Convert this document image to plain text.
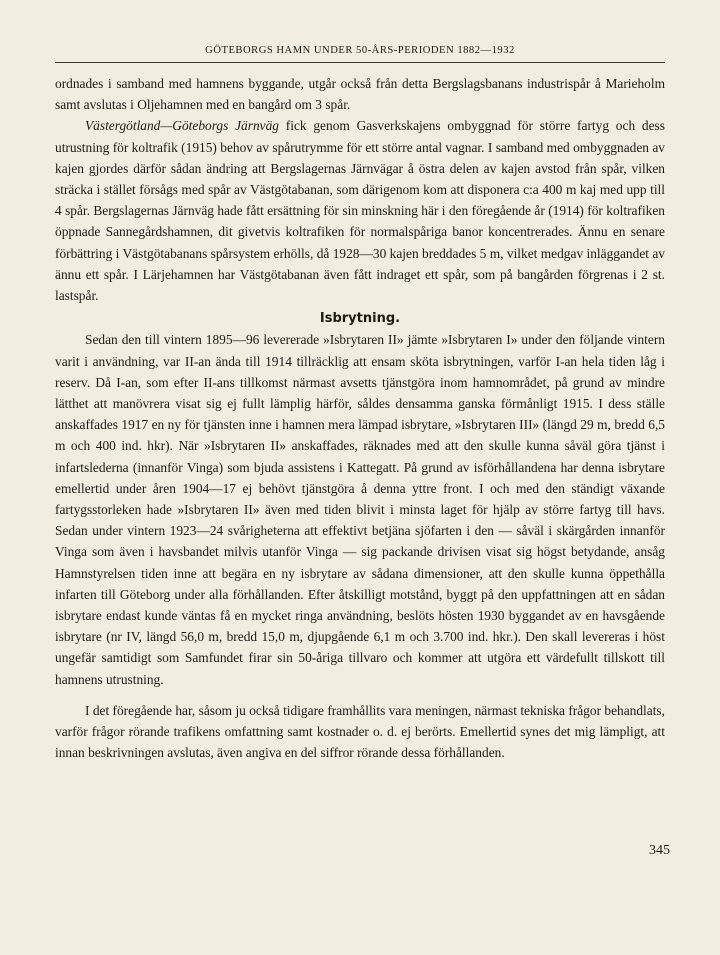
GÖTEBORGS HAMN UNDER 50-ÅRS-PERIODEN 1882—1932

ordnades i samband med hamnens byggande, utgår också från detta Bergslagsbanans industrispår å Marieholm samt avslutas i Oljehamnen med en bangård om 3 spår.

Västergötland—Göteborgs Järnväg fick genom Gasverkskajens ombyggnad för större fartyg och dess utrustning för koltrafik (1915) behov av spårutrymme för ett större antal vagnar. I samband med ombyggnaden av kajen gjordes därför sådan ändring att Bergslagernas Järnvägar å östra delen av kajen avstod från spår, vilken sträcka i stället försågs med spår av Västgötabanan, som därigenom kom att disponera c:a 400 m kaj med upp till 4 spår. Bergslagernas Järnväg hade fått ersättning för sin minskning här i den föregående år (1914) för koltrafiken öppnade Sannegårdshamnen, dit givetvis koltrafiken för normalspåriga banor koncentrerades. Ännu en senare förbättring i Västgötabanans spårsystem erhölls, då 1928—30 kajen breddades 5 m, vilket medgav inläggandet av ännu ett spår. I Lärjehamnen har Västgötabanan även fått indraget ett spår, som på bangården förgrenas i 2 st. lastspår.

Isbrytning.

Sedan den till vintern 1895—96 levererade »Isbrytaren II» jämte »Isbrytaren I» under den följande vintern varit i användning, var II-an ända till 1914 tillräcklig att ensam sköta isbrytningen, varför I-an hela tiden låg i reserv. Då I-an, som efter II-ans tillkomst närmast avsetts tjänstgöra inom hamnområdet, på grund av mindre lätthet att manövrera visat sig ej fullt lämplig härför, såldes densamma ganska förmånligt 1915. I dess ställe anskaffades 1917 en ny för tjänsten inne i hamnen mera lämpad isbrytare, »Isbrytaren III» (längd 29 m, bredd 6,5 m och 400 ind. hkr). När »Isbrytaren II» anskaffades, räknades med att den skulle kunna såväl göra tjänst i infartslederna (innanför Vinga) som bjuda assistens i Kattegatt. På grund av isförhållandena har denna isbrytare emellertid under åren 1904—17 ej behövt tjänstgöra å denna yttre front. I och med den ständigt växande fartygsstorleken hade »Isbrytaren II» även med tiden blivit i minsta laget för hjälp av större fartyg till havs. Sedan under vintern 1923—24 svårigheterna att effektivt betjäna sjöfarten i den — såväl i skärgården innanför Vinga som även i havsbandet milvis utanför Vinga — sig packande drivisen visat sig högst betydande, ansåg Hamnstyrelsen tiden inne att begära en ny isbrytare av sådana dimensioner, att den skulle kunna öppethålla infarten till Göteborg under alla förhållanden. Efter åtskilligt motstånd, byggt på den uppfattningen att en sådan isbrytare endast kunde väntas få en mycket ringa användning, beslöts hösten 1930 byggandet av en havsgående isbrytare (nr IV, längd 56,0 m, bredd 15,0 m, djupgående 6,1 m och 3.700 ind. hkr.). Den skall levereras i höst ungefär samtidigt som Samfundet firar sin 50-åriga tillvaro och kommer att utgöra ett värdefullt tillskott till hamnens utrustning.

I det föregående har, såsom ju också tidigare framhållits vara meningen, närmast tekniska frågor behandlats, varför frågor rörande trafikens omfattning samt kostnader o. d. ej berörts. Emellertid synes det mig lämpligt, att innan beskrivningen avslutas, även angiva en del siffror rörande dessa förhållanden.

345
